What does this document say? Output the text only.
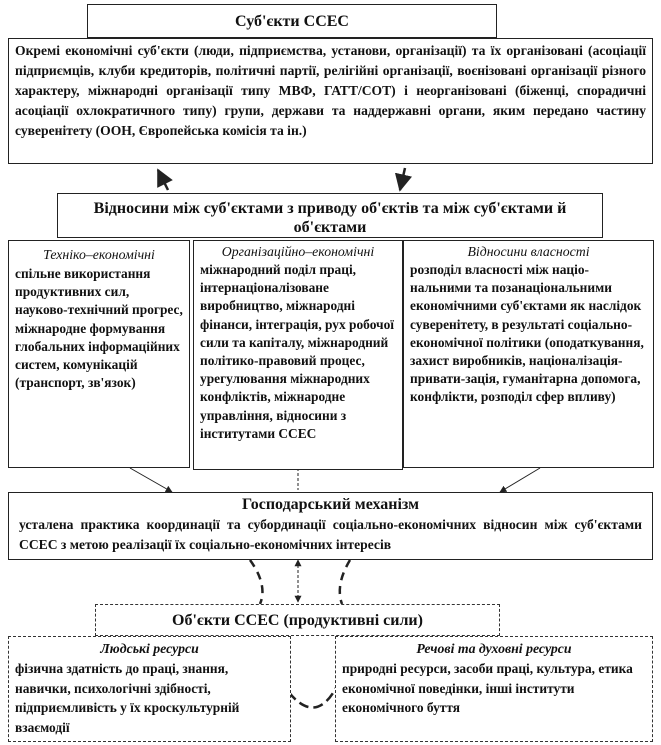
Суб'єкти ССЕС
Окремі економічні суб'єкти (люди, підприємства, установи, організації) та їх організовані (асоціації підприємців, клуби кредиторів, політичні партії, релігійні організації, воєнізовані організації різного характеру, міжнародні організації типу МВФ, ГАТТ/СОТ) і неорганізовані (біженці, спорадичні асоціації охлократичного типу) групи, держави та наддержавні органи, яким передано частину суверенітету (ООН, Європейська комісія та ін.)
Відносини між суб'єктами з приводу об'єктів та між суб'єктами й об'єктами
Техніко–економічні
спільне використання продуктивних сил, науково-технічний прогрес, міжнародне формування глобальних інформаційних систем, комунікацій (транспорт, зв'язок)
Організаційно–економічні
міжнародний поділ праці, інтернаціоналізоване виробництво, міжнародні фінанси, інтеграція, рух робочої сили та капіталу, міжнародний політико-правовий процес, урегулювання міжнародних конфліктів, міжнародне управління, відносини з інститутами ССЕС
Відносини власності
розподіл власності між націо-нальними та позанаціональними економічними суб'єктами як наслідок суверенітету, в результаті соціально-економічної політики (оподаткування, захист виробників, націоналізація-привати-зація, гуманітарна допомога, конфлікти, розподіл сфер впливу)
Господарський механізм
усталена практика координації та субординації соціально-економічних відносин між суб'єктами ССЕС з метою реалізації їх соціально-економічних інтересів
Об'єкти ССЕС (продуктивні сили)
Людські ресурси
фізична здатність до праці, знання, навички, психологічні здібності, підприємливість у їх кроскультурній взаємодії
Речові та духовні ресурси
природні ресурси, засоби праці, культура, етика економічної поведінки, інші інститути економічного буття
